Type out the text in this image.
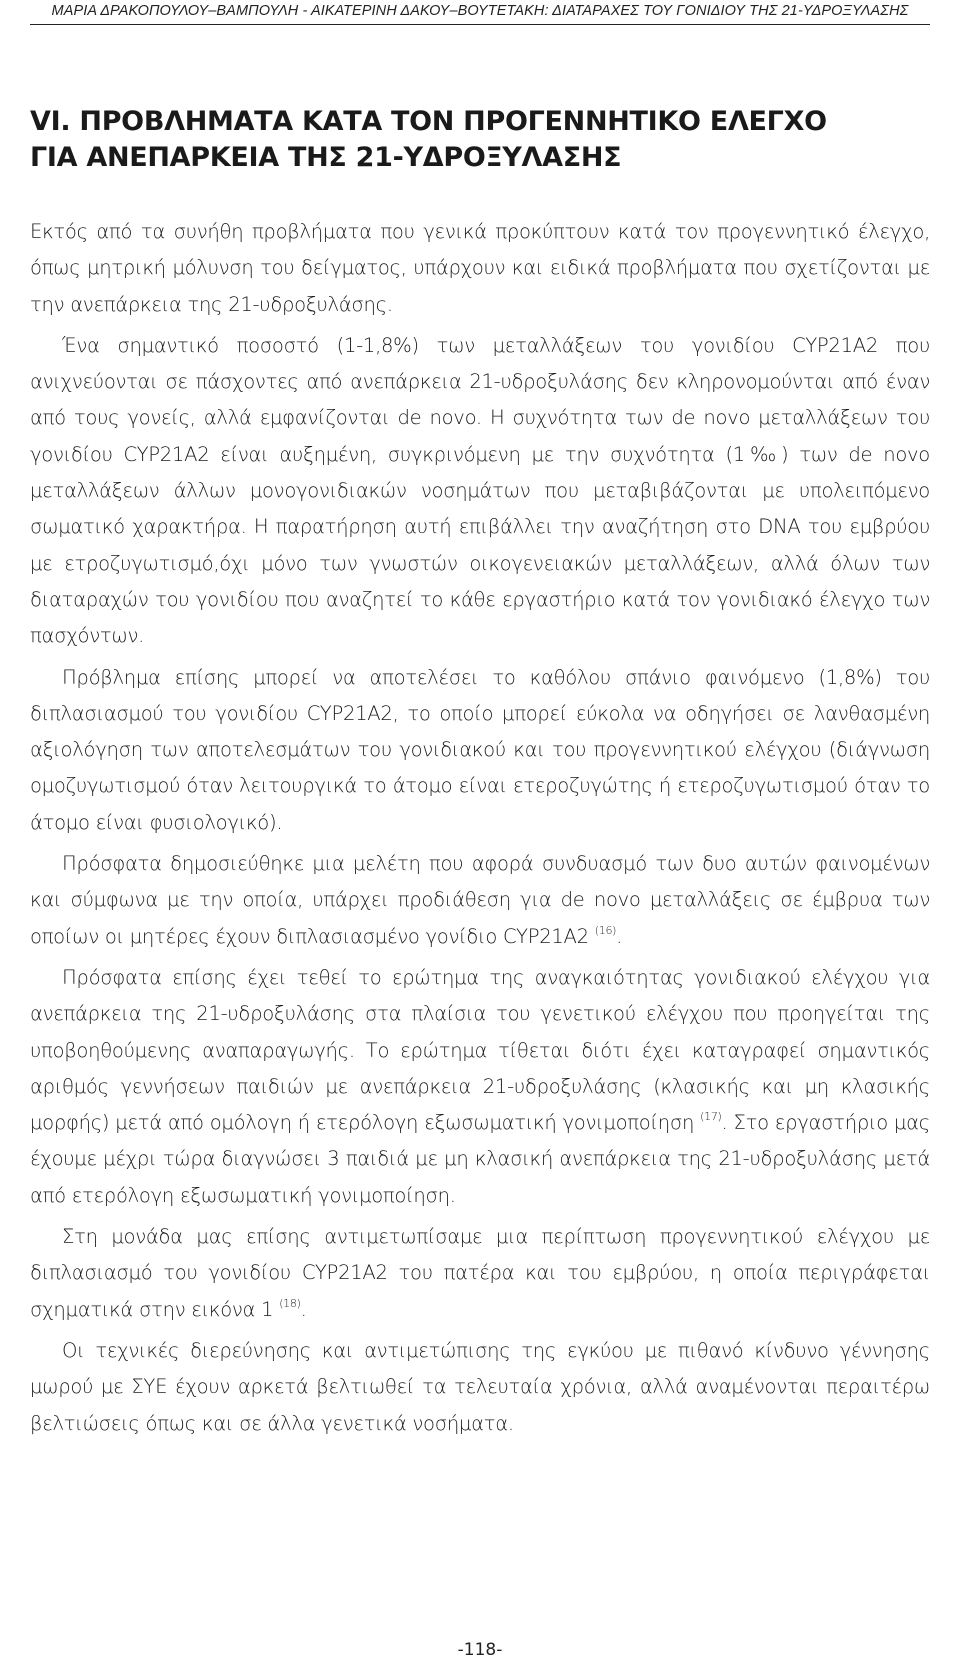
ΜΑΡΙΑ ΔΡΑΚΟΠΟΥΛΟΥ–ΒΑΜΠΟΥΛΗ - ΑΙΚΑΤΕΡΙΝΗ ΔΑΚΟΥ–ΒΟΥΤΕΤΑΚΗ: ΔΙΑΤΑΡΑΧΕΣ ΤΟΥ ΓΟΝΙΔΙΟΥ ΤΗΣ 21-ΥΔΡΟΞΥΛΑΣΗΣ
VI. ΠΡΟΒΛΗΜΑΤΑ ΚΑΤΑ ΤΟΝ ΠΡΟΓΕΝΝΗΤΙΚΟ ΕΛΕΓΧΟ
ΓΙΑ ΑΝΕΠΑΡΚΕΙΑ ΤΗΣ 21-ΥΔΡΟΞΥΛΑΣΗΣ

Εκτός από τα συνήθη προβλήματα που γενικά προκύπτουν κατά τον προγεννητικό έλεγχο, όπως μητρική μόλυνση του δείγματος, υπάρχουν και ειδικά προβλήματα που σχετίζονται με την ανεπάρκεια της 21-υδροξυλάσης.

Ένα σημαντικό ποσοστό (1-1,8%) των μεταλλάξεων του γονιδίου CYP21A2 που ανιχνεύονται σε πάσχοντες από ανεπάρκεια 21-υδροξυλάσης δεν κληρονομούνται από έναν από τους γονείς, αλλά εμφανίζονται de novo. Η συχνότητα των de novo μεταλλάξεων του γονιδίου CYP21A2 είναι αυξημένη, συγκρινόμενη με την συχνότητα (1‰) των de novo μεταλλάξεων άλλων μονογονιδιακών νοσημάτων που μεταβιβάζονται με υπολειπόμενο σωματικό χαρακτήρα. Η παρατήρηση αυτή επιβάλλει την αναζήτηση στο DNA του εμβρύου με ετροζυγωτισμό,όχι μόνο των γνωστών οικογενειακών μεταλλάξεων, αλλά όλων των διαταραχών του γονιδίου που αναζητεί το κάθε εργαστήριο κατά τον γονιδιακό έλεγχο των πασχόντων.

Πρόβλημα επίσης μπορεί να αποτελέσει το καθόλου σπάνιο φαινόμενο (1,8%) του διπλασιασμού του γονιδίου CYP21A2, το οποίο μπορεί εύκολα να οδηγήσει σε λανθασμένη αξιολόγηση των αποτελεσμάτων του γονιδιακού και του προγεννητικού ελέγχου (διάγνωση ομοζυγωτισμού όταν λειτουργικά το άτομο είναι ετεροζυγώτης ή ετεροζυγωτισμού όταν το άτομο είναι φυσιολογικό).

Πρόσφατα δημοσιεύθηκε μια μελέτη που αφορά συνδυασμό των δυο αυτών φαινομένων και σύμφωνα με την οποία, υπάρχει προδιάθεση για de novo μεταλλάξεις σε έμβρυα των οποίων οι μητέρες έχουν διπλασιασμένο γονίδιο CYP21A2 $^{(16)}$.

Πρόσφατα επίσης έχει τεθεί το ερώτημα της αναγκαιότητας γονιδιακού ελέγχου για ανεπάρκεια της 21-υδροξυλάσης στα πλαίσια του γενετικού ελέγχου που προηγείται της υποβοηθούμενης αναπαραγωγής. Το ερώτημα τίθεται διότι έχει καταγραφεί σημαντικός αριθμός γεννήσεων παιδιών με ανεπάρκεια 21-υδροξυλάσης (κλασικής και μη κλασικής μορφής) μετά από ομόλογη ή ετερόλογη εξωσωματική γονιμοποίηση $^{(17)}$. Στο εργαστήριο μας έχουμε μέχρι τώρα διαγνώσει 3 παιδιά με μη κλασική ανεπάρκεια της 21-υδροξυλάσης μετά από ετερόλογη εξωσωματική γονιμοποίηση.

Στη μονάδα μας επίσης αντιμετωπίσαμε μια περίπτωση προγεννητικού ελέγχου με διπλασιασμό του γονιδίου CYP21A2 του πατέρα και του εμβρύου, η οποία περιγράφεται σχηματικά στην εικόνα 1 $^{(18)}$.

Οι τεχνικές διερεύνησης και αντιμετώπισης της εγκύου με πιθανό κίνδυνο γέννησης μωρού με ΣΥΕ έχουν αρκετά βελτιωθεί τα τελευταία χρόνια, αλλά αναμένονται περαιτέρω βελτιώσεις όπως και σε άλλα γενετικά νοσήματα.

-118-
